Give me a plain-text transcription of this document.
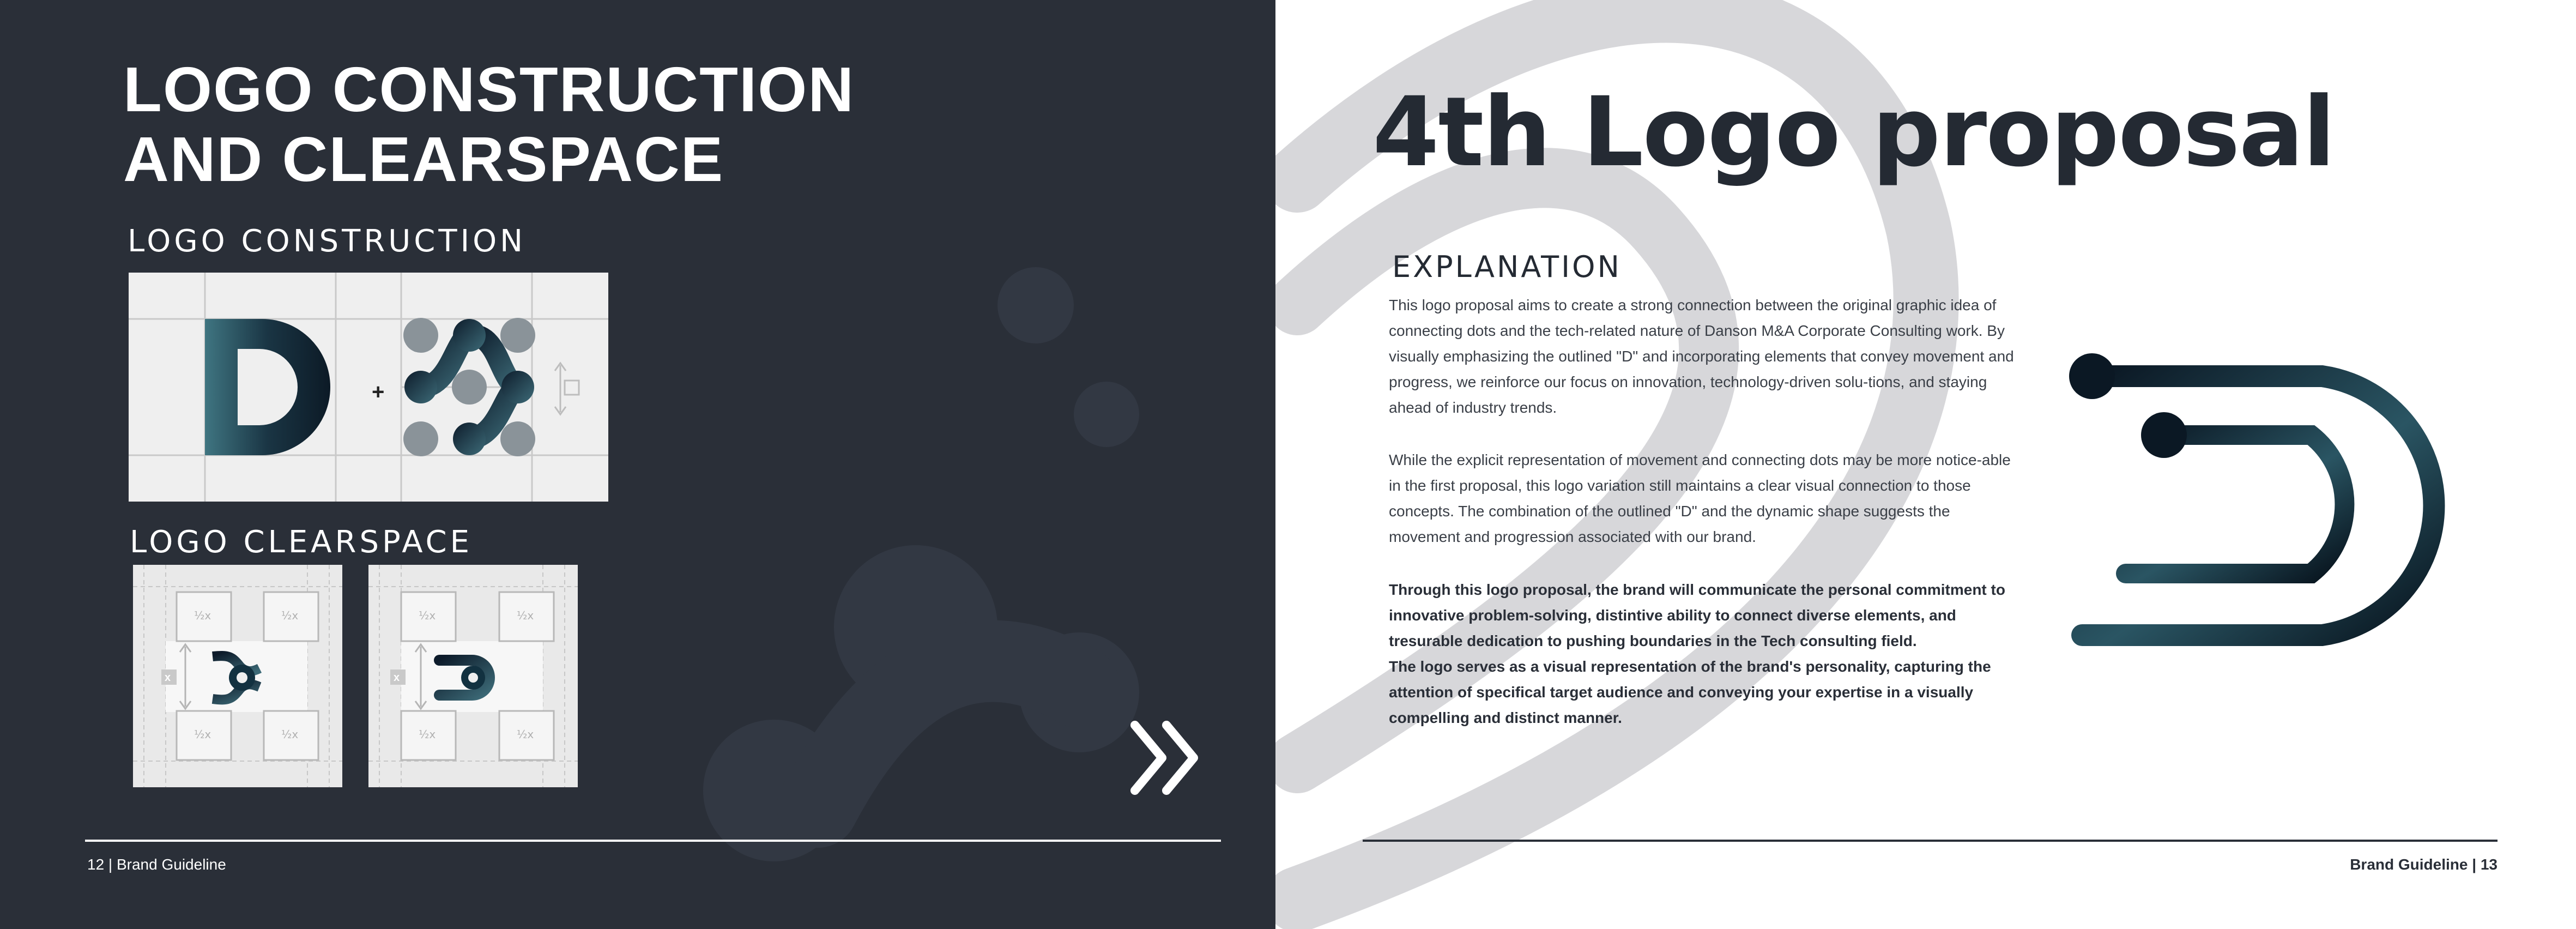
LOGO CONSTRUCTION
AND CLEARSPACE
LOGO CONSTRUCTION
+
LOGO CLEARSPACE
½x	½x
½x	½x
x
½x	½x
½x	½x
x
12 | Brand Guideline
4th Logo proposal
EXPLANATION
This logo proposal aims to create a strong connection between the original graphic idea of connecting dots and the tech-related nature of Danson M&A Corporate Consulting work. By visually emphasizing the outlined "D" and incorporating elements that convey movement and progress, we reinforce our focus on innovation, technology-driven solu-tions, and staying ahead of industry trends.
While the explicit representation of movement and connecting dots may be more notice-able in the first proposal, this logo variation still maintains a clear visual connection to those concepts. The combination of the outlined "D" and the dynamic shape suggests the movement and progression associated with our brand.
Through this logo proposal, the brand will communicate the personal commitment to innovative problem-solving, distintive ability to connect diverse elements, and tresurable dedication to pushing boundaries in the Tech consulting field.
The logo serves as a visual representation of the brand's personality, capturing the attention of specifical target audience and conveying your expertise in a visually compelling and distinct manner.
Brand Guideline | 13
